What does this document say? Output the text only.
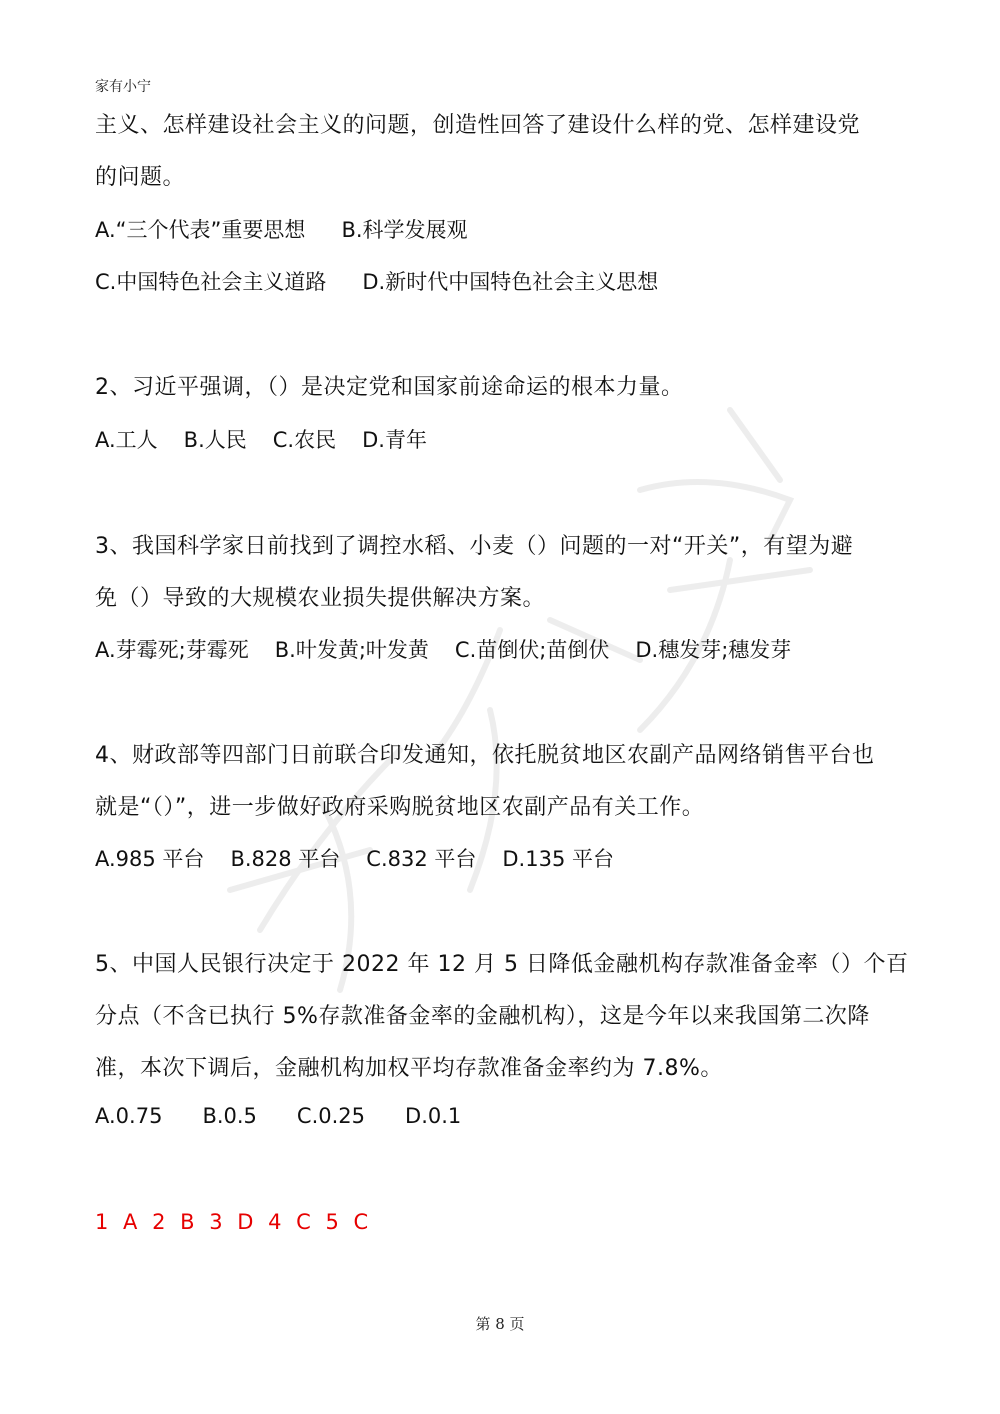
家有小宁
家有小宁
主义、怎样建设社会主义的问题，创造性回答了建设什么样的党、怎样建设党
的问题。
A.“三个代表”重要思想 B.科学发展观
C.中国特色社会主义道路 D.新时代中国特色社会主义思想
2、习近平强调，（）是决定党和国家前途命运的根本力量。
A.工人 B.人民 C.农民 D.青年
3、我国科学家日前找到了调控水稻、小麦（）问题的一对“开关”，有望为避
免（）导致的大规模农业损失提供解决方案。
A.芽霉死;芽霉死 B.叶发黄;叶发黄 C.苗倒伏;苗倒伏 D.穗发芽;穗发芽
4、财政部等四部门日前联合印发通知，依托脱贫地区农副产品网络销售平台也
就是“（）”，进一步做好政府采购脱贫地区农副产品有关工作。
A.985 平台 B.828 平台 C.832 平台 D.135 平台
5、中国人民银行决定于 2022 年 12 月 5 日降低金融机构存款准备金率（）个百
分点（不含已执行 5%存款准备金率的金融机构），这是今年以来我国第二次降
准，本次下调后，金融机构加权平均存款准备金率约为 7.8%。
A.0.75 B.0.5 C.0.25 D.0.1
1 A 2 B 3 D 4 C 5 C
第 8 页
